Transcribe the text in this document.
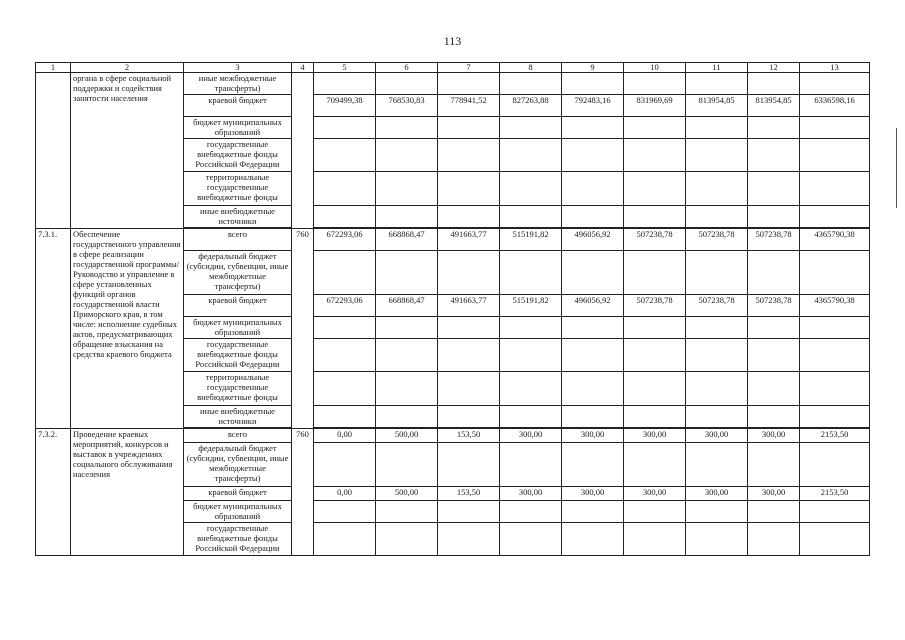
113
1	2	3	4	5	6	7	8	9	10	11	12	13
	органа в сфере социальной поддержки и содействия занятости населения	иные межбюджетные трансферты)										
		краевой бюджет		709499,38	768530,83	778941,52	827263,88	792483,16	831969,69	813954,85	813954,85	6336598,16
		бюджет муниципальных образований										
		государственные внебюджетные фонды Российской Федерации										
		территориальные государственные внебюджетные фонды										
		иные внебюджетные источники										

7.3.1.	Обеспечение государственного управления в сфере реализации государственной программы/ Руководство и управление в сфере установленных функций органов государственной власти Приморского края, в том числе: исполнение судебных актов, предусматривающих обращение взыскания на средства краевого бюджета	всего	760	672293,06	668868,47	491663,77	515191,82	496056,92	507238,78	507238,78	507238,78	4365790,38
		федеральный бюджет (субсидии, субвенции, иные межбюджетные трансферты)										
		краевой бюджет		672293,06	668868,47	491663,77	515191,82	496056,92	507238,78	507238,78	507238,78	4365790,38
		бюджет муниципальных образований										
		государственные внебюджетные фонды Российской Федерации										
		территориальные государственные внебюджетные фонды										
		иные внебюджетные источники										

7.3.2.	Проведение краевых мероприятий, конкурсов и выставок в учреждениях социального обслуживания населения	всего	760	0,00	500,00	153,50	300,00	300,00	300,00	300,00	300,00	2153,50
		федеральный бюджет (субсидии, субвенции, иные межбюджетные трансферты)										
		краевой бюджет		0,00	500,00	153,50	300,00	300,00	300,00	300,00	300,00	2153,50
		бюджет муниципальных образований										
		государственные внебюджетные фонды Российской Федерации										
